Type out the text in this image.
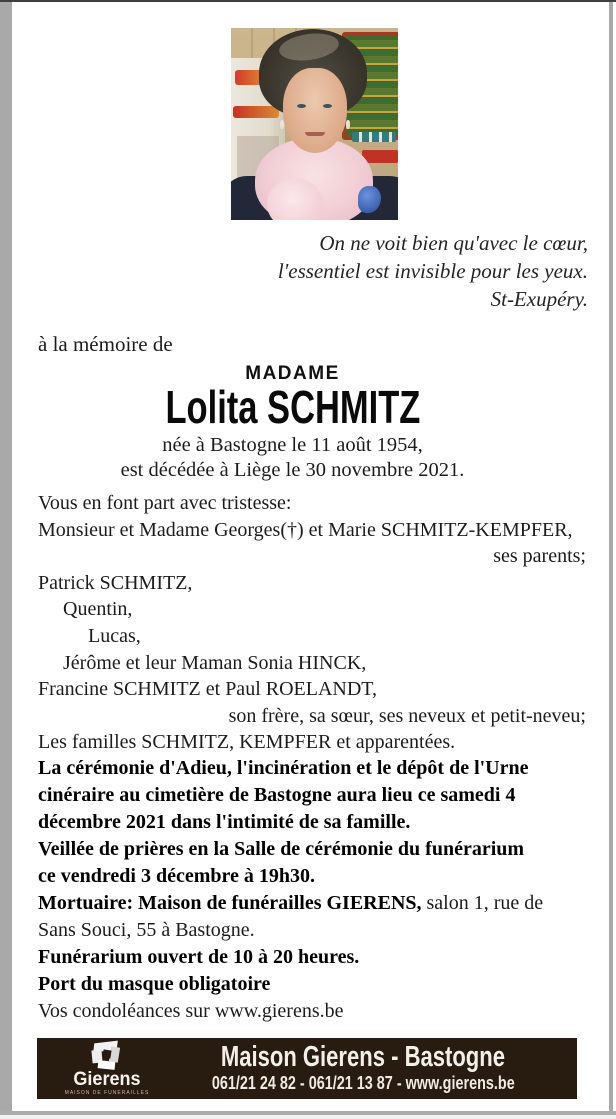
On ne voit bien qu'avec le cœur,
l'essentiel est invisible pour les yeux.
St-Exupéry.
à la mémoire de
MADAME
Lolita SCHMITZ
née à Bastogne le 11 août 1954,
est décédée à Liège le 30 novembre 2021.
Vous en font part avec tristesse:
Monsieur et Madame Georges(†) et Marie SCHMITZ-KEMPFER,
ses parents;
Patrick SCHMITZ,
Quentin,
Lucas,
Jérôme et leur Maman Sonia HINCK,
Francine SCHMITZ et Paul ROELANDT,
son frère, sa sœur, ses neveux et petit-neveu;
Les familles SCHMITZ, KEMPFER et apparentées.
La cérémonie d'Adieu, l'incinération et le dépôt de l'Urne
cinéraire au cimetière de Bastogne aura lieu ce samedi 4
décembre 2021 dans l'intimité de sa famille.
Veillée de prières en la Salle de cérémonie du funérarium
ce vendredi 3 décembre à 19h30.
Mortuaire: Maison de funérailles GIERENS, salon 1, rue de
Sans Souci, 55 à Bastogne.
Funérarium ouvert de 10 à 20 heures.
Port du masque obligatoire
Vos condoléances sur www.gierens.be
Gierens
MAISON DE FUNERAILLES
Maison Gierens - Bastogne
061/21 24 82 - 061/21 13 87 - www.gierens.be
